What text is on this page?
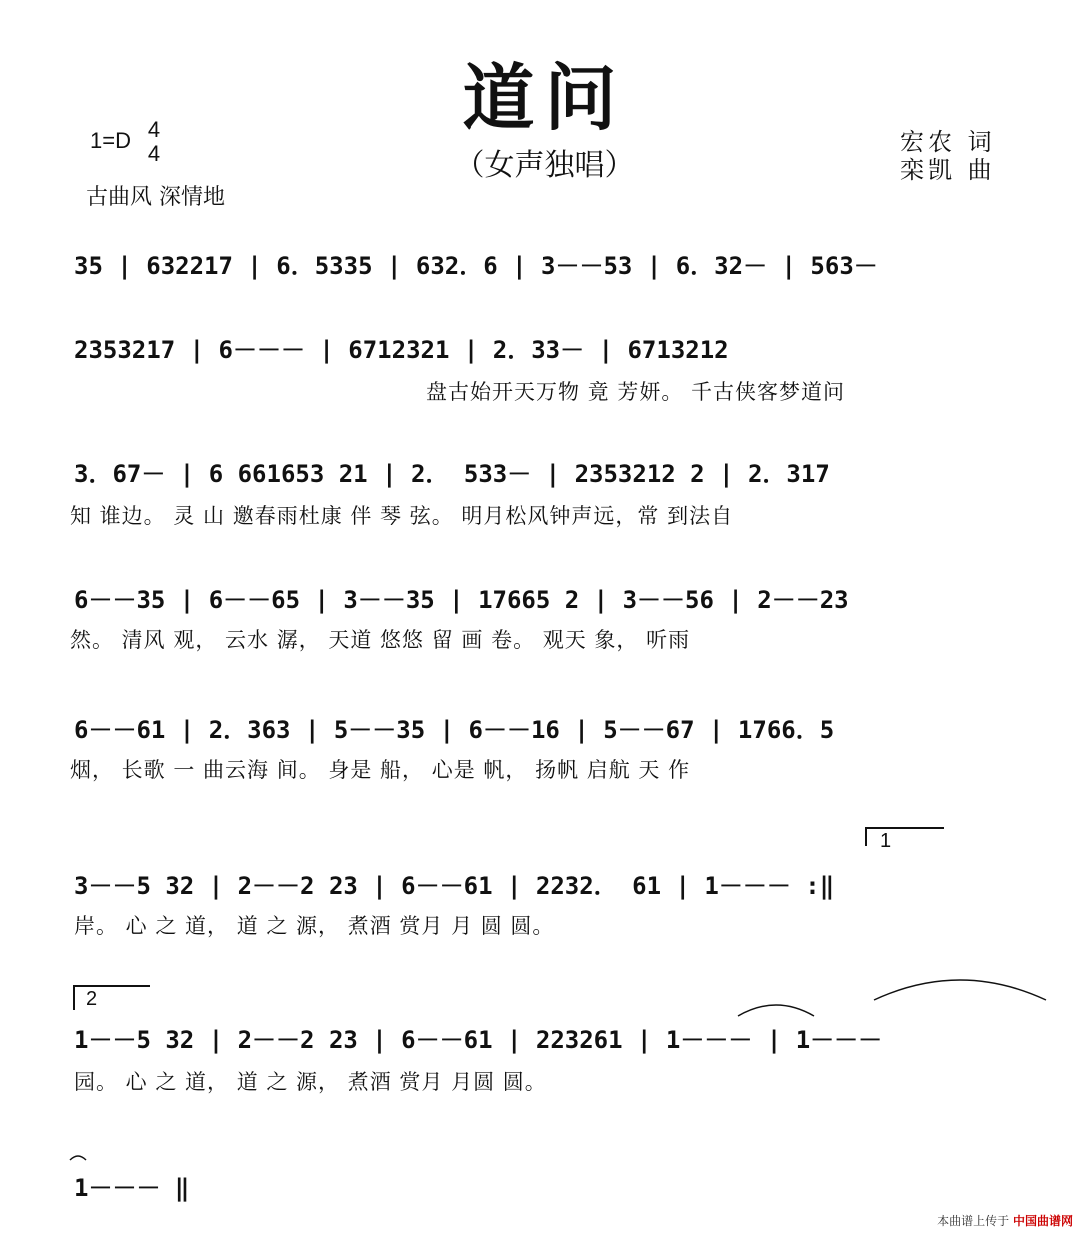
道问
（女声独唱）
1=D 4
4
古曲风 深情地
宏农 词
栾凯 曲
35 | 632217 | 6．5335 | 632．6 | 3－－53 | 6．32－ | 563－
2353217 | 6－－－ | 6712321 | 2．33－ | 6713212
盘古始开天万物 竟 芳妍。 千古侠客梦道问
3．67－ | 6 661653 21 | 2． 533－ | 2353212 2 | 2．317
知 谁边。 灵 山 邀春雨杜康 伴 琴 弦。 明月松风钟声远，常 到法自
6－－35 | 6－－65 | 3－－35 | 17665 2 | 3－－56 | 2－－23
然。 清风 观， 云水 潺， 天道 悠悠 留 画 卷。 观天 象， 听雨
6－－61 | 2．363 | 5－－35 | 6－－16 | 5－－67 | 1766．5
烟， 长歌 一 曲云海 间。 身是 船， 心是 帆， 扬帆 启航 天 作
3－－5 32 | 2－－2 23 | 6－－61 | 2232． 61 | 1－－－ :‖
岸。 心 之 道， 道 之 源， 煮酒 赏月 月 圆 圆。
1－－5 32 | 2－－2 23 | 6－－61 | 223261 | 1－－－ | 1－－－
园。 心 之 道， 道 之 源， 煮酒 赏月 月圆 圆。
1－－－ ‖
1
2
本曲谱上传于 中国曲谱网
